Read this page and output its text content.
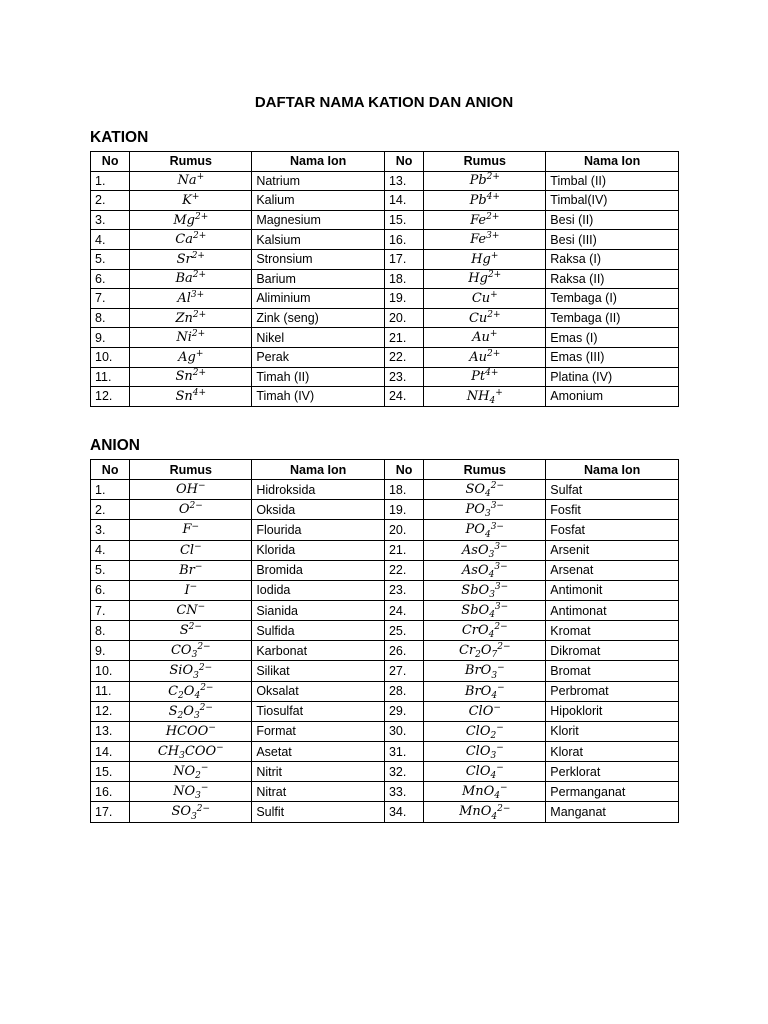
DAFTAR NAMA KATION DAN ANION
KATION
No	Rumus	Nama Ion	No	Rumus	Nama Ion
1.	Na+	Natrium	13.	Pb2+	Timbal (II)
2.	K+	Kalium	14.	Pb4+	Timbal(IV)
3.	Mg2+	Magnesium	15.	Fe2+	Besi (II)
4.	Ca2+	Kalsium	16.	Fe3+	Besi (III)
5.	Sr2+	Stronsium	17.	Hg+	Raksa (I)
6.	Ba2+	Barium	18.	Hg2+	Raksa (II)
7.	Al3+	Aliminium	19.	Cu+	Tembaga (I)
8.	Zn2+	Zink (seng)	20.	Cu2+	Tembaga (II)
9.	Ni2+	Nikel	21.	Au+	Emas (I)
10.	Ag+	Perak	22.	Au2+	Emas (III)
11.	Sn2+	Timah (II)	23.	Pt4+	Platina (IV)
12.	Sn4+	Timah (IV)	24.	NH4+	Amonium
ANION
No	Rumus	Nama Ion	No	Rumus	Nama Ion
1.	OH−	Hidroksida	18.	SO42−	Sulfat
2.	O2−	Oksida	19.	PO33−	Fosfit
3.	F−	Flourida	20.	PO43−	Fosfat
4.	Cl−	Klorida	21.	AsO33−	Arsenit
5.	Br−	Bromida	22.	AsO43−	Arsenat
6.	I−	Iodida	23.	SbO33−	Antimonit
7.	CN−	Sianida	24.	SbO43−	Antimonat
8.	S2−	Sulfida	25.	CrO42−	Kromat
9.	CO32−	Karbonat	26.	Cr2O72−	Dikromat
10.	SiO32−	Silikat	27.	BrO3−	Bromat
11.	C2O42−	Oksalat	28.	BrO4−	Perbromat
12.	S2O32−	Tiosulfat	29.	ClO−	Hipoklorit
13.	HCOO−	Format	30.	ClO2−	Klorit
14.	CH3COO−	Asetat	31.	ClO3−	Klorat
15.	NO2−	Nitrit	32.	ClO4−	Perklorat
16.	NO3−	Nitrat	33.	MnO4−	Permanganat
17.	SO32−	Sulfit	34.	MnO42−	Manganat
